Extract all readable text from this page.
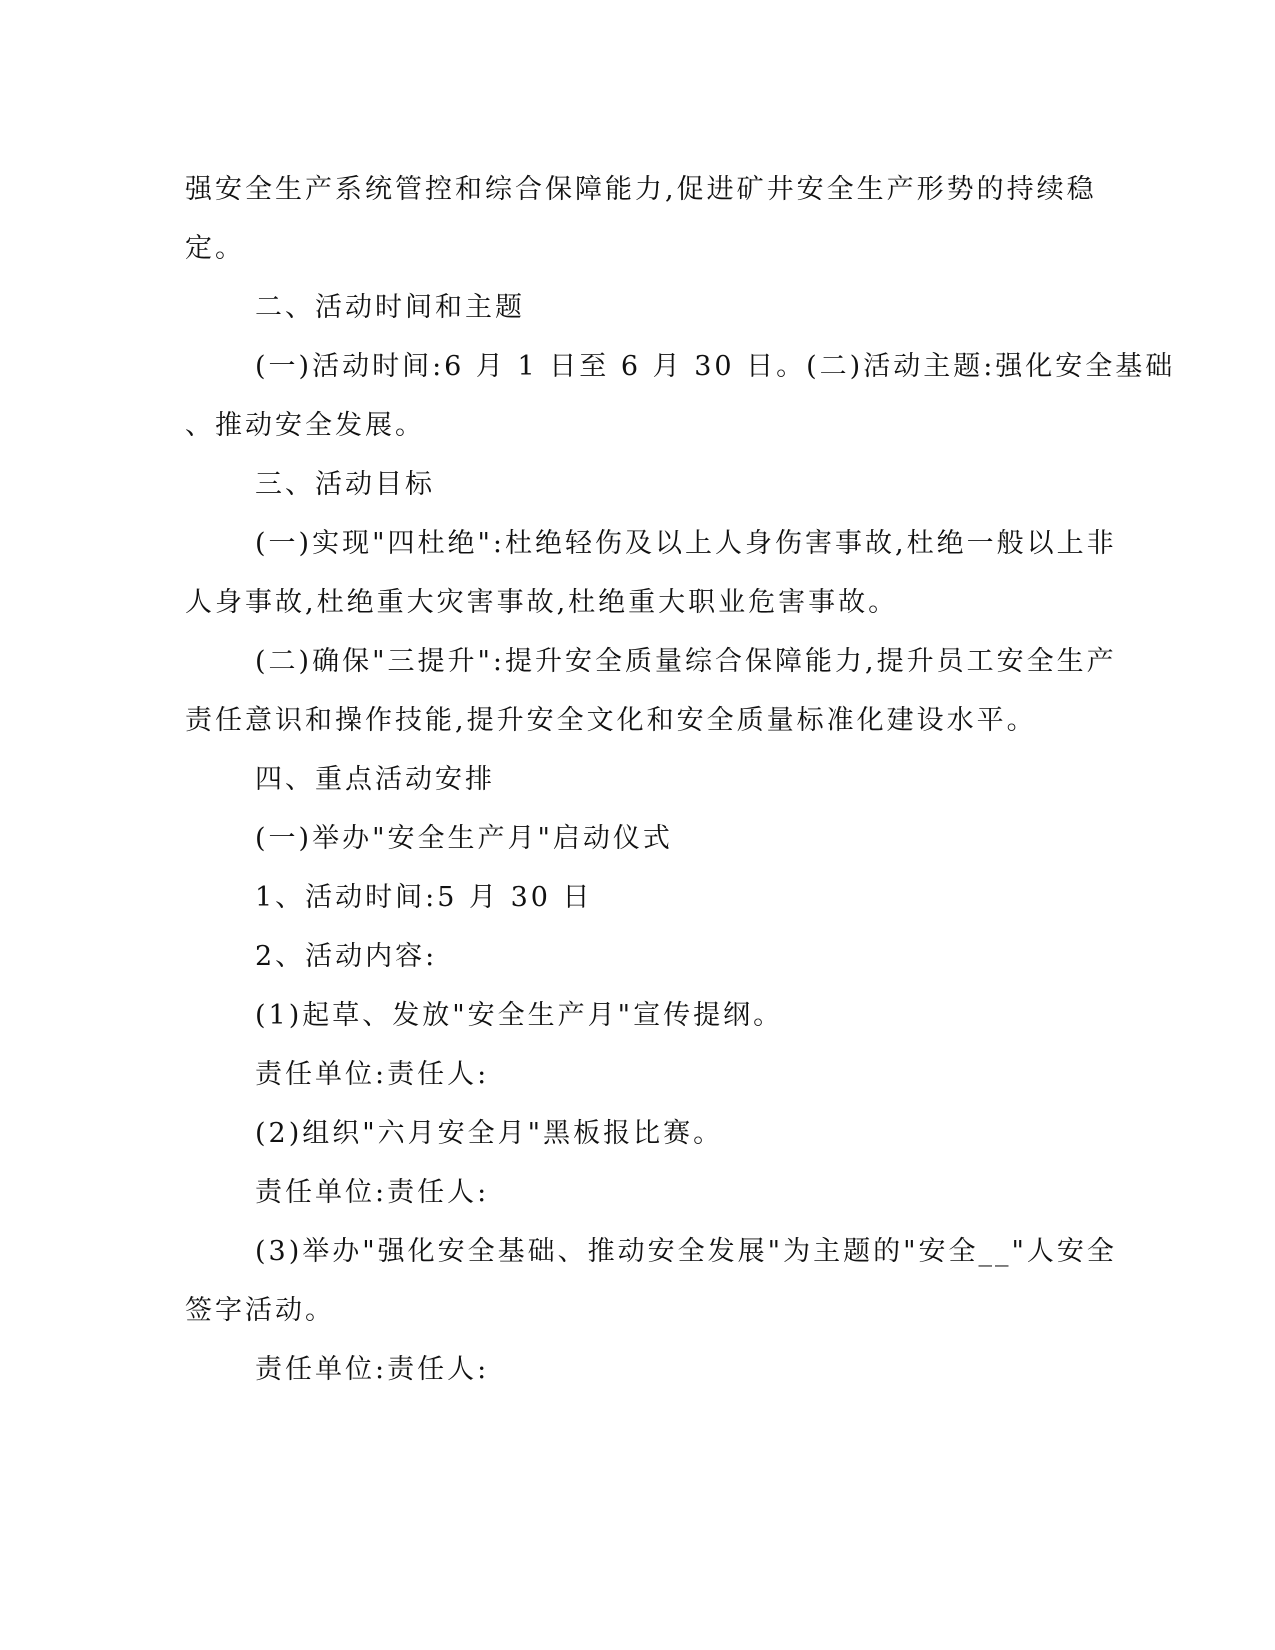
强安全生产系统管控和综合保障能力,促进矿井安全生产形势的持续稳
定。
二、活动时间和主题
(一)活动时间:6 月 1 日至 6 月 30 日。(二)活动主题:强化安全基础
、推动安全发展。
三、活动目标
(一)实现"四杜绝":杜绝轻伤及以上人身伤害事故,杜绝一般以上非
人身事故,杜绝重大灾害事故,杜绝重大职业危害事故。
(二)确保"三提升":提升安全质量综合保障能力,提升员工安全生产
责任意识和操作技能,提升安全文化和安全质量标准化建设水平。
四、重点活动安排
(一)举办"安全生产月"启动仪式
1、活动时间:5 月 30 日
2、活动内容:
(1)起草、发放"安全生产月"宣传提纲。
责任单位:责任人:
(2)组织"六月安全月"黑板报比赛。
责任单位:责任人:
(3)举办"强化安全基础、推动安全发展"为主题的"安全__"人安全
签字活动。
责任单位:责任人:
